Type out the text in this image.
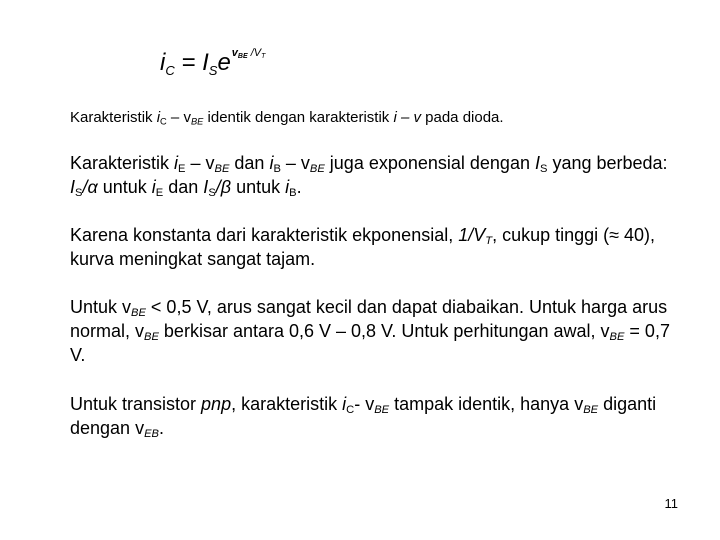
$i_C = I_Se^{v_{BE} /V_T}$
Karakteristik $i_C - v_{BE}$ identik dengan karakteristik i – v pada dioda.
Karakteristik $i_E - v_{BE}$ dan $i_B - v_{BE}$ juga exponensial dengan $I_S$ yang berbeda: $I_S/\alpha$ untuk $i_E$ dan $I_S/\beta$ untuk $i_B$.
Karena konstanta dari karakteristik ekponensial, $1/V_T$, cukup tinggi (≈ 40), kurva meningkat sangat tajam.
Untuk $v_{BE} < 0,5$ V, arus sangat kecil dan dapat diabaikan. Untuk harga arus normal, $v_{BE}$ berkisar antara 0,6 V – 0,8 V. Untuk perhitungan awal, $v_{BE} = 0,7$ V.
Untuk transistor pnp, karakteristik $i_C-$ $v_{BE}$ tampak identik, hanya $v_{BE}$ diganti dengan $v_{EB}$.
11
